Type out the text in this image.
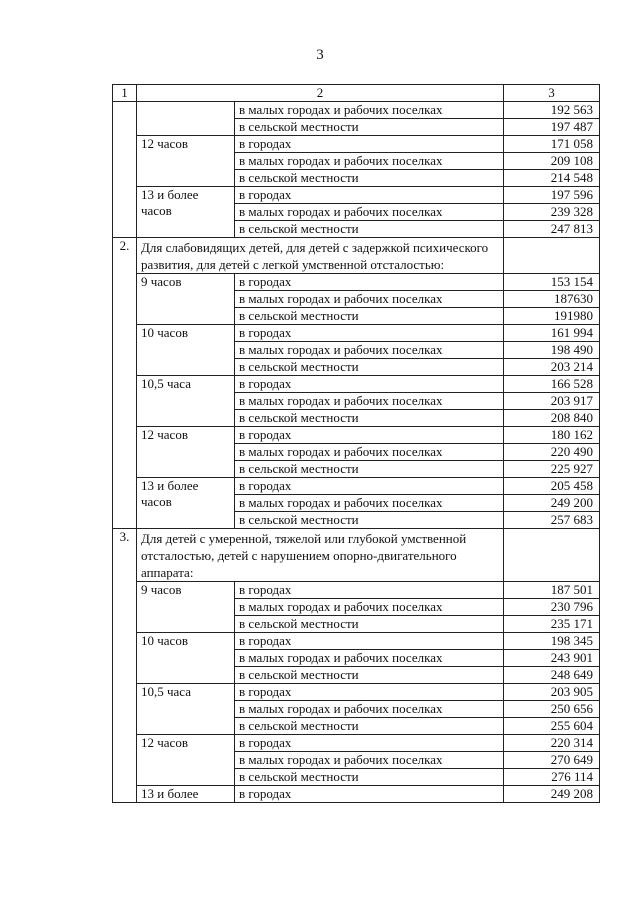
3
1	2		3
		в малых городах и рабочих поселках	192 563
		в сельской местности	197 487
	12 часов	в городах	171 058
		в малых городах и рабочих поселках	209 108
		в сельской местности	214 548
	13 и более часов	в городах	197 596
		в малых городах и рабочих поселках	239 328
		в сельской местности	247 813
2.	Для слабовидящих детей, для детей с задержкой психического развития, для детей с легкой умственной отсталостью:		
	9 часов	в городах	153 154
		в малых городах и рабочих поселках	187630
		в сельской местности	191980
	10 часов	в городах	161 994
		в малых городах и рабочих поселках	198 490
		в сельской местности	203 214
	10,5 часа	в городах	166 528
		в малых городах и рабочих поселках	203 917
		в сельской местности	208 840
	12 часов	в городах	180 162
		в малых городах и рабочих поселках	220 490
		в сельской местности	225 927
	13 и более часов	в городах	205 458
		в малых городах и рабочих поселках	249 200
		в сельской местности	257 683
3.	Для детей с умеренной, тяжелой или глубокой умственной отсталостью, детей с нарушением опорно-двигательного аппарата:		
	9 часов	в городах	187 501
		в малых городах и рабочих поселках	230 796
		в сельской местности	235 171
	10 часов	в городах	198 345
		в малых городах и рабочих поселках	243 901
		в сельской местности	248 649
	10,5 часа	в городах	203 905
		в малых городах и рабочих поселках	250 656
		в сельской местности	255 604
	12 часов	в городах	220 314
		в малых городах и рабочих поселках	270 649
		в сельской местности	276 114
	13 и более	в городах	249 208
